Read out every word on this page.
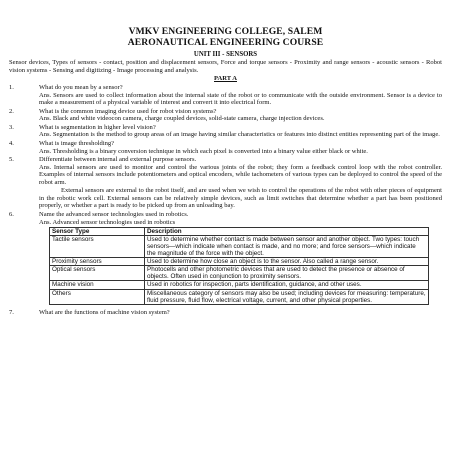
VMKV ENGINEERING COLLEGE, SALEM
AERONAUTICAL ENGINEERING COURSE
UNIT III - SENSORS

Sensor devices, Types of sensors - contact, position and displacement sensors, Force and torque sensors - Proximity and range sensors - acoustic sensors - Robot vision systems - Sensing and digitizing - Image processing and analysis.

PART A
1.	What do you mean by a sensor?

Ans. Sensors are used to collect information about the internal state of the robot or to communicate with the outside environment. Sensor is a device to make a measurement of a physical variable of interest and convert it into electrical form.

2.	What is the common imaging device used for robot vision systems?

Ans. Black and white videocon camera, charge coupled devices, solid-state camera, charge injection devices.

3.	What is segmentation in higher level vision?

Ans. Segmentation is the method to group areas of an image having similar characteristics or features into distinct entities representing part of the image.

4.	What is image thresholding?

Ans. Thresholding is a binary conversion technique in which each pixel is converted into a binary value either black or white.

5.	Differentiate between internal and external purpose sensors.

Ans. Internal sensors are used to monitor and control the various joints of the robot; they form a feedback control loop with the robot controller. Examples of internal sensors include potentiometers and optical encoders, while tachometers of various types can be deployed to control the speed of the robot arm.

External sensors are external to the robot itself, and are used when we wish to control the operations of the robot with other pieces of equipment in the robotic work cell. External sensors can be relatively simple devices, such as limit switches that determine whether a part has been positioned properly, or whether a part is ready to be picked up from an unloading bay.

6.	Name the advanced sensor technologies used in robotics.

Ans. Advanced sensor technologies used in robotics

Sensor Type	Description
Tactile sensors	Used to determine whether contact is made between sensor and another object. Two types: touch sensors—which indicate when contact is made, and no more; and force sensors—which indicate the magnitude of the force with the object.
Proximity sensors	Used to determine how close an object is to the sensor. Also called a range sensor.
Optical sensors	Photocells and other photometric devices that are used to detect the presence or absence of objects. Often used in conjunction to proximity sensors.
Machine vision	Used in robotics for inspection, parts identification, guidance, and other uses.
Others	Miscellaneous category of sensors may also be used; including devices for measuring: temperature, fluid pressure, fluid flow, electrical voltage, current, and other physical properties.
7.	What are the functions of machine vision system?
